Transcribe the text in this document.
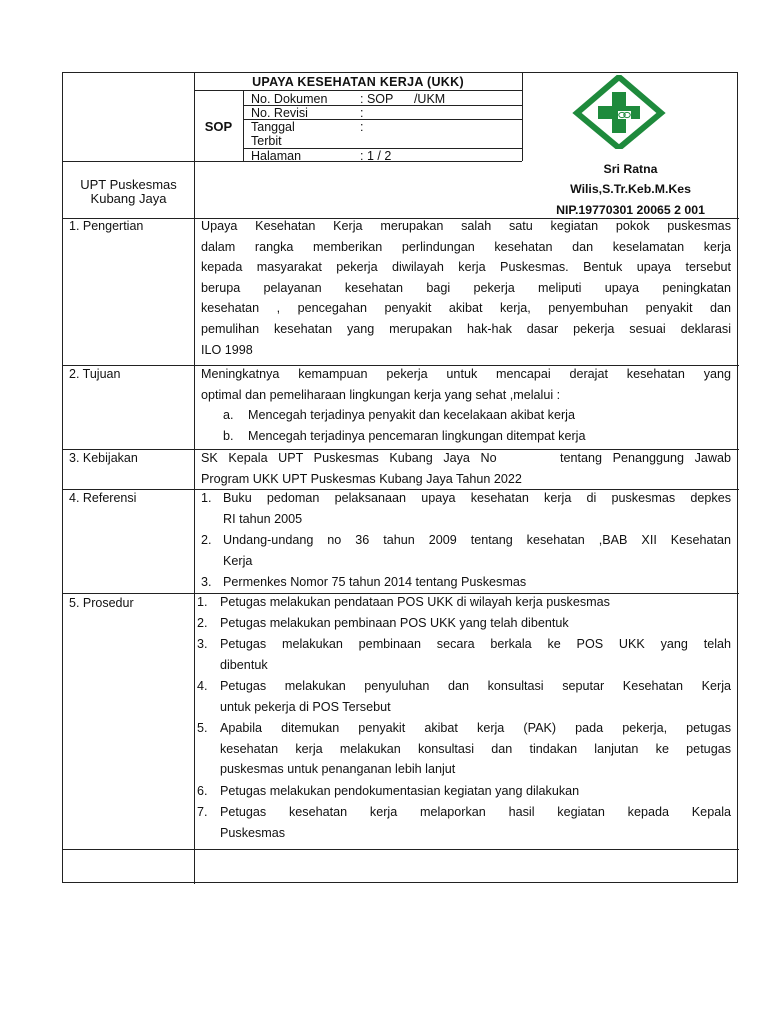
UPAYA KESEHATAN KERJA (UKK)
SOP
No. Dokumen	: SOP      /UKM
No. Revisi	:
Tanggal	:
Terbit
Halaman	: 1 / 2
UPT Puskesmas
Kubang Jaya
Sri Ratna
Wilis,S.Tr.Keb.M.Kes
NIP.19770301 20065 2 001
1. Pengertian	Upaya Kesehatan Kerja merupakan salah satu kegiatan pokok puskesmas
dalam rangka memberikan perlindungan kesehatan dan keselamatan kerja
kepada masyarakat pekerja diwilayah kerja Puskesmas. Bentuk upaya tersebut
berupa pelayanan kesehatan bagi pekerja meliputi upaya peningkatan
kesehatan , pencegahan penyakit akibat kerja, penyembuhan penyakit dan
pemulihan kesehatan yang merupakan hak-hak dasar pekerja sesuai deklarasi
ILO 1998
2. Tujuan	Meningkatnya kemampuan pekerja untuk mencapai derajat kesehatan yang
optimal dan pemeliharaan lingkungan kerja yang sehat ,melalui :
a. Mencegah terjadinya penyakit dan kecelakaan akibat kerja
b. Mencegah terjadinya pencemaran lingkungan ditempat kerja
3. Kebijakan	SK Kepala UPT Puskesmas Kubang Jaya No      tentang Penanggung Jawab
Program UKK UPT Puskesmas Kubang Jaya Tahun 2022
4. Referensi	1. Buku pedoman pelaksanaan upaya kesehatan kerja di puskesmas depkes
RI tahun 2005
2. Undang-undang no 36 tahun 2009 tentang kesehatan ,BAB XII Kesehatan
Kerja
3. Permenkes Nomor 75 tahun 2014 tentang Puskesmas
5. Prosedur	1. Petugas melakukan pendataan POS UKK di wilayah kerja puskesmas
2. Petugas melakukan pembinaan POS UKK yang telah dibentuk
3. Petugas melakukan pembinaan secara berkala ke POS UKK yang telah
dibentuk
4. Petugas melakukan penyuluhan dan konsultasi seputar Kesehatan Kerja
untuk pekerja di POS Tersebut
5. Apabila ditemukan penyakit akibat kerja (PAK) pada pekerja, petugas
kesehatan kerja melakukan konsultasi dan tindakan lanjutan ke petugas
puskesmas untuk penanganan lebih lanjut
6. Petugas melakukan pendokumentasian kegiatan yang dilakukan
7. Petugas kesehatan kerja melaporkan hasil kegiatan kepada Kepala
Puskesmas
